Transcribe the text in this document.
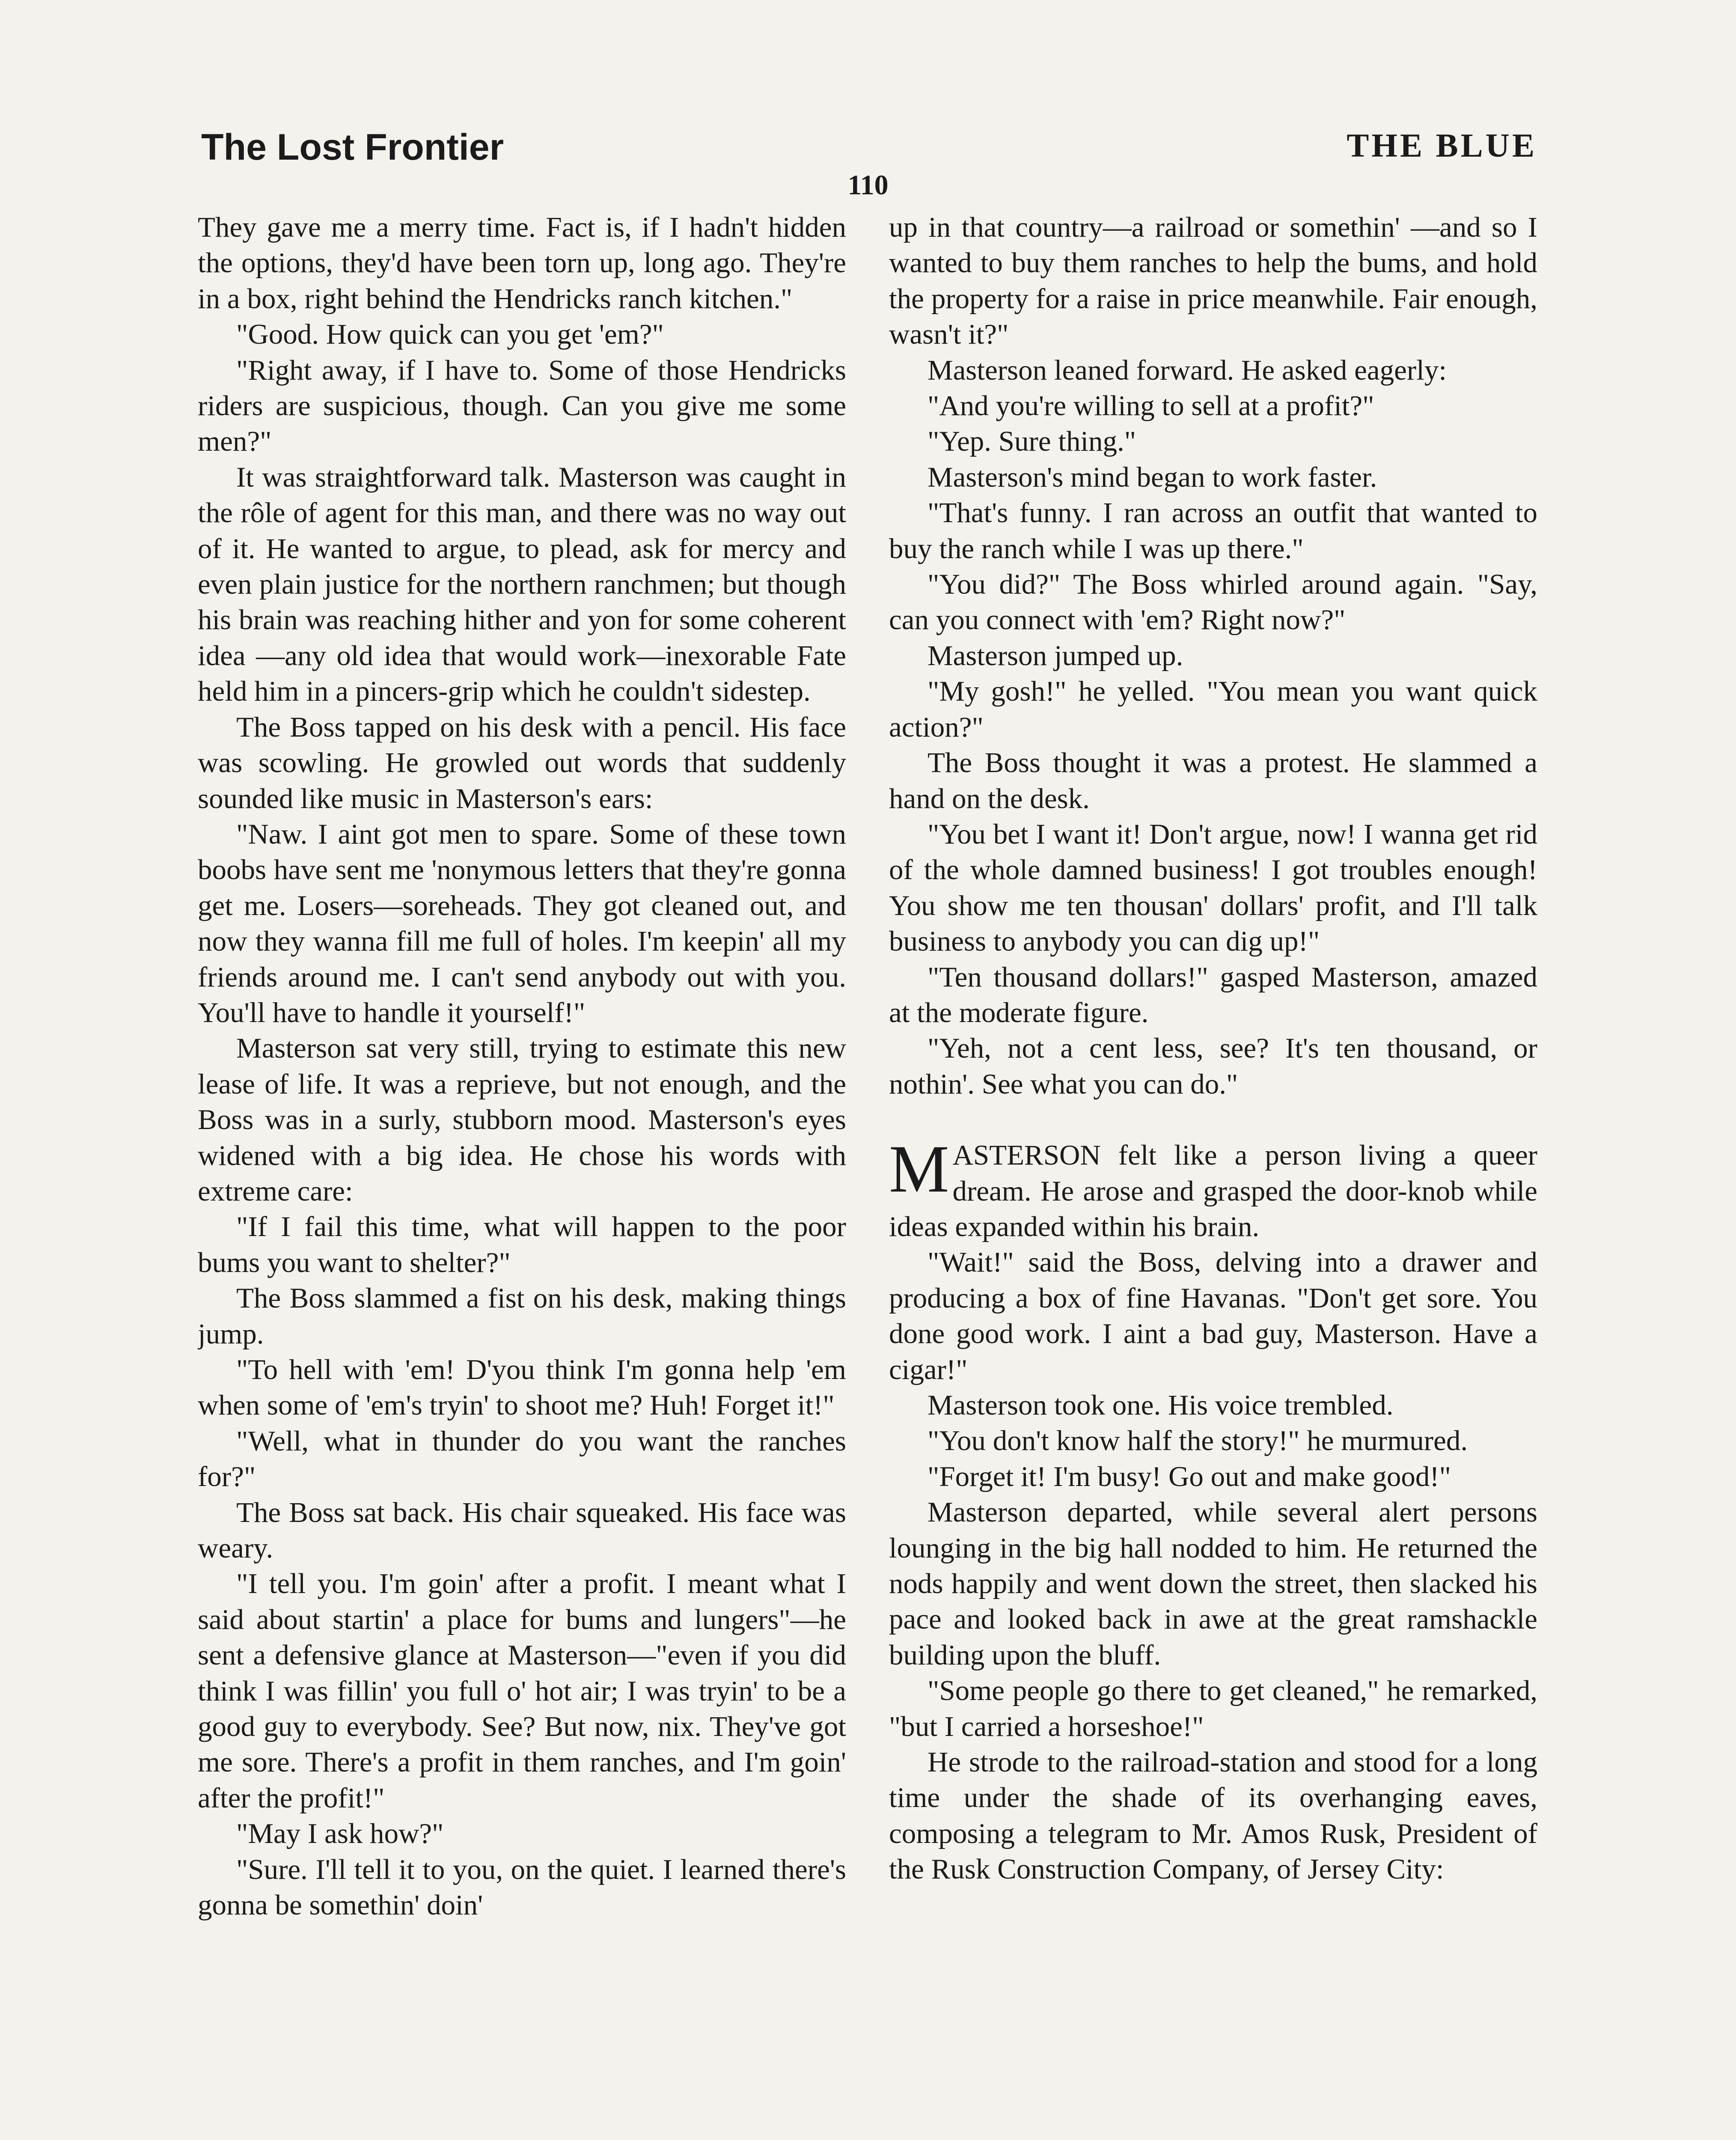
The Lost Frontier	THE BLUE
110

They gave me a merry time. Fact is, if I hadn't hidden the options, they'd have been torn up, long ago. They're in a box, right behind the Hendricks ranch kitchen."

"Good. How quick can you get 'em?"

"Right away, if I have to. Some of those Hendricks riders are suspicious, though. Can you give me some men?"

It was straightforward talk. Masterson was caught in the rôle of agent for this man, and there was no way out of it. He wanted to argue, to plead, ask for mercy and even plain justice for the northern ranchmen; but though his brain was reaching hither and yon for some coherent idea —any old idea that would work—inexorable Fate held him in a pincers-grip which he couldn't sidestep.

The Boss tapped on his desk with a pencil. His face was scowling. He growled out words that suddenly sounded like music in Masterson's ears:

"Naw. I aint got men to spare. Some of these town boobs have sent me 'nonymous letters that they're gonna get me. Losers—soreheads. They got cleaned out, and now they wanna fill me full of holes. I'm keepin' all my friends around me. I can't send anybody out with you. You'll have to handle it yourself!"

Masterson sat very still, trying to estimate this new lease of life. It was a reprieve, but not enough, and the Boss was in a surly, stubborn mood. Masterson's eyes widened with a big idea. He chose his words with extreme care:

"If I fail this time, what will happen to the poor bums you want to shelter?"

The Boss slammed a fist on his desk, making things jump.

"To hell with 'em! D'you think I'm gonna help 'em when some of 'em's tryin' to shoot me? Huh! Forget it!"

"Well, what in thunder do you want the ranches for?"

The Boss sat back. His chair squeaked. His face was weary.

"I tell you. I'm goin' after a profit. I meant what I said about startin' a place for bums and lungers"—he sent a defensive glance at Masterson—"even if you did think I was fillin' you full o' hot air; I was tryin' to be a good guy to everybody. See? But now, nix. They've got me sore. There's a profit in them ranches, and I'm goin' after the profit!"

"May I ask how?"

"Sure. I'll tell it to you, on the quiet. I learned there's gonna be somethin' doin'

up in that country—a railroad or somethin' —and so I wanted to buy them ranches to help the bums, and hold the property for a raise in price meanwhile. Fair enough, wasn't it?"

Masterson leaned forward. He asked eagerly:

"And you're willing to sell at a profit?"

"Yep. Sure thing."

Masterson's mind began to work faster.

"That's funny. I ran across an outfit that wanted to buy the ranch while I was up there."

"You did?" The Boss whirled around again. "Say, can you connect with 'em? Right now?"

Masterson jumped up.

"My gosh!" he yelled. "You mean you want quick action?"

The Boss thought it was a protest. He slammed a hand on the desk.

"You bet I want it! Don't argue, now! I wanna get rid of the whole damned business! I got troubles enough! You show me ten thousan' dollars' profit, and I'll talk business to anybody you can dig up!"

"Ten thousand dollars!" gasped Masterson, amazed at the moderate figure.

"Yeh, not a cent less, see? It's ten thousand, or nothin'. See what you can do."

MASTERSON felt like a person living a queer dream. He arose and grasped the door-knob while ideas expanded within his brain.

"Wait!" said the Boss, delving into a drawer and producing a box of fine Havanas. "Don't get sore. You done good work. I aint a bad guy, Masterson. Have a cigar!"

Masterson took one. His voice trembled.

"You don't know half the story!" he murmured.

"Forget it! I'm busy! Go out and make good!"

Masterson departed, while several alert persons lounging in the big hall nodded to him. He returned the nods happily and went down the street, then slacked his pace and looked back in awe at the great ramshackle building upon the bluff.

"Some people go there to get cleaned," he remarked, "but I carried a horseshoe!"

He strode to the railroad-station and stood for a long time under the shade of its overhanging eaves, composing a telegram to Mr. Amos Rusk, President of the Rusk Construction Company, of Jersey City:
